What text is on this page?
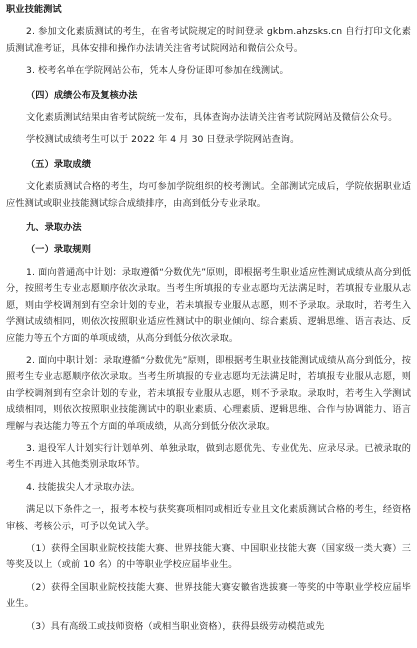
职业技能测试

2. 参加文化素质测试的考生，在省考试院规定的时间登录 gkbm.ahzsks.cn 自行打印文化素质测试准考证，具体安排和操作办法请关注省考试院网站和微信公众号。

3. 校考名单在学院网站公布，凭本人身份证即可参加在线测试。

（四）成绩公布及复核办法

文化素质测试结果由省考试院统一发布，具体查询办法请关注省考试院网站及微信公众号。

学校测试成绩考生可以于 2022 年 4 月 30 日登录学院网站查询。

（五）录取成绩

文化素质测试合格的考生，均可参加学院组织的校考测试。全部测试完成后，学院依据职业适应性测试或职业技能测试综合成绩排序，由高到低分专业录取。

九、录取办法

（一）录取规则

1. 面向普通高中计划：录取遵循“分数优先”原则，即根据考生职业适应性测试成绩从高分到低分，按照考生专业志愿顺序依次录取。当考生所填报的专业志愿均无法满足时，若填报专业服从志愿，则由学校调剂到有空余计划的专业，若未填报专业服从志愿，则不予录取。录取时，若考生入学测试成绩相同，则依次按照职业适应性测试中的职业倾向、综合素质、逻辑思维、语言表达、反应能力等五个方面的单项成绩，从高分到低分依次录取。

2. 面向中职计划：录取遵循“分数优先”原则，即根据考生职业技能测试成绩从高分到低分，按照考生专业志愿顺序依次录取。当考生所填报的专业志愿均无法满足时，若填报专业服从志愿，则由学校调剂到有空余计划的专业，若未填报专业服从志愿，则不予录取。录取时，若考生入学测试成绩相同，则依次按照职业技能测试中的职业素质、心理素质、逻辑思维、合作与协调能力、语言理解与表达能力等五个方面的单项成绩，从高分到低分依次录取。

3. 退役军人计划实行计划单列、单独录取，做到志愿优先、专业优先、应录尽录。已被录取的考生不再进入其他类别录取环节。

4. 技能拔尖人才录取办法。

满足以下条件之一，报考本校与获奖赛项相同或相近专业且文化素质测试合格的考生，经资格审核、考核公示，可予以免试入学。

（1）获得全国职业院校技能大赛、世界技能大赛、中国职业技能大赛（国家级一类大赛）三等奖及以上（或前 10 名）的中等职业学校应届毕业生。

（2）获得全国职业院校技能大赛、世界技能大赛安徽省选拔赛一等奖的中等职业学校应届毕业生。

（3）具有高级工或技师资格（或相当职业资格），获得县级劳动模范或先
